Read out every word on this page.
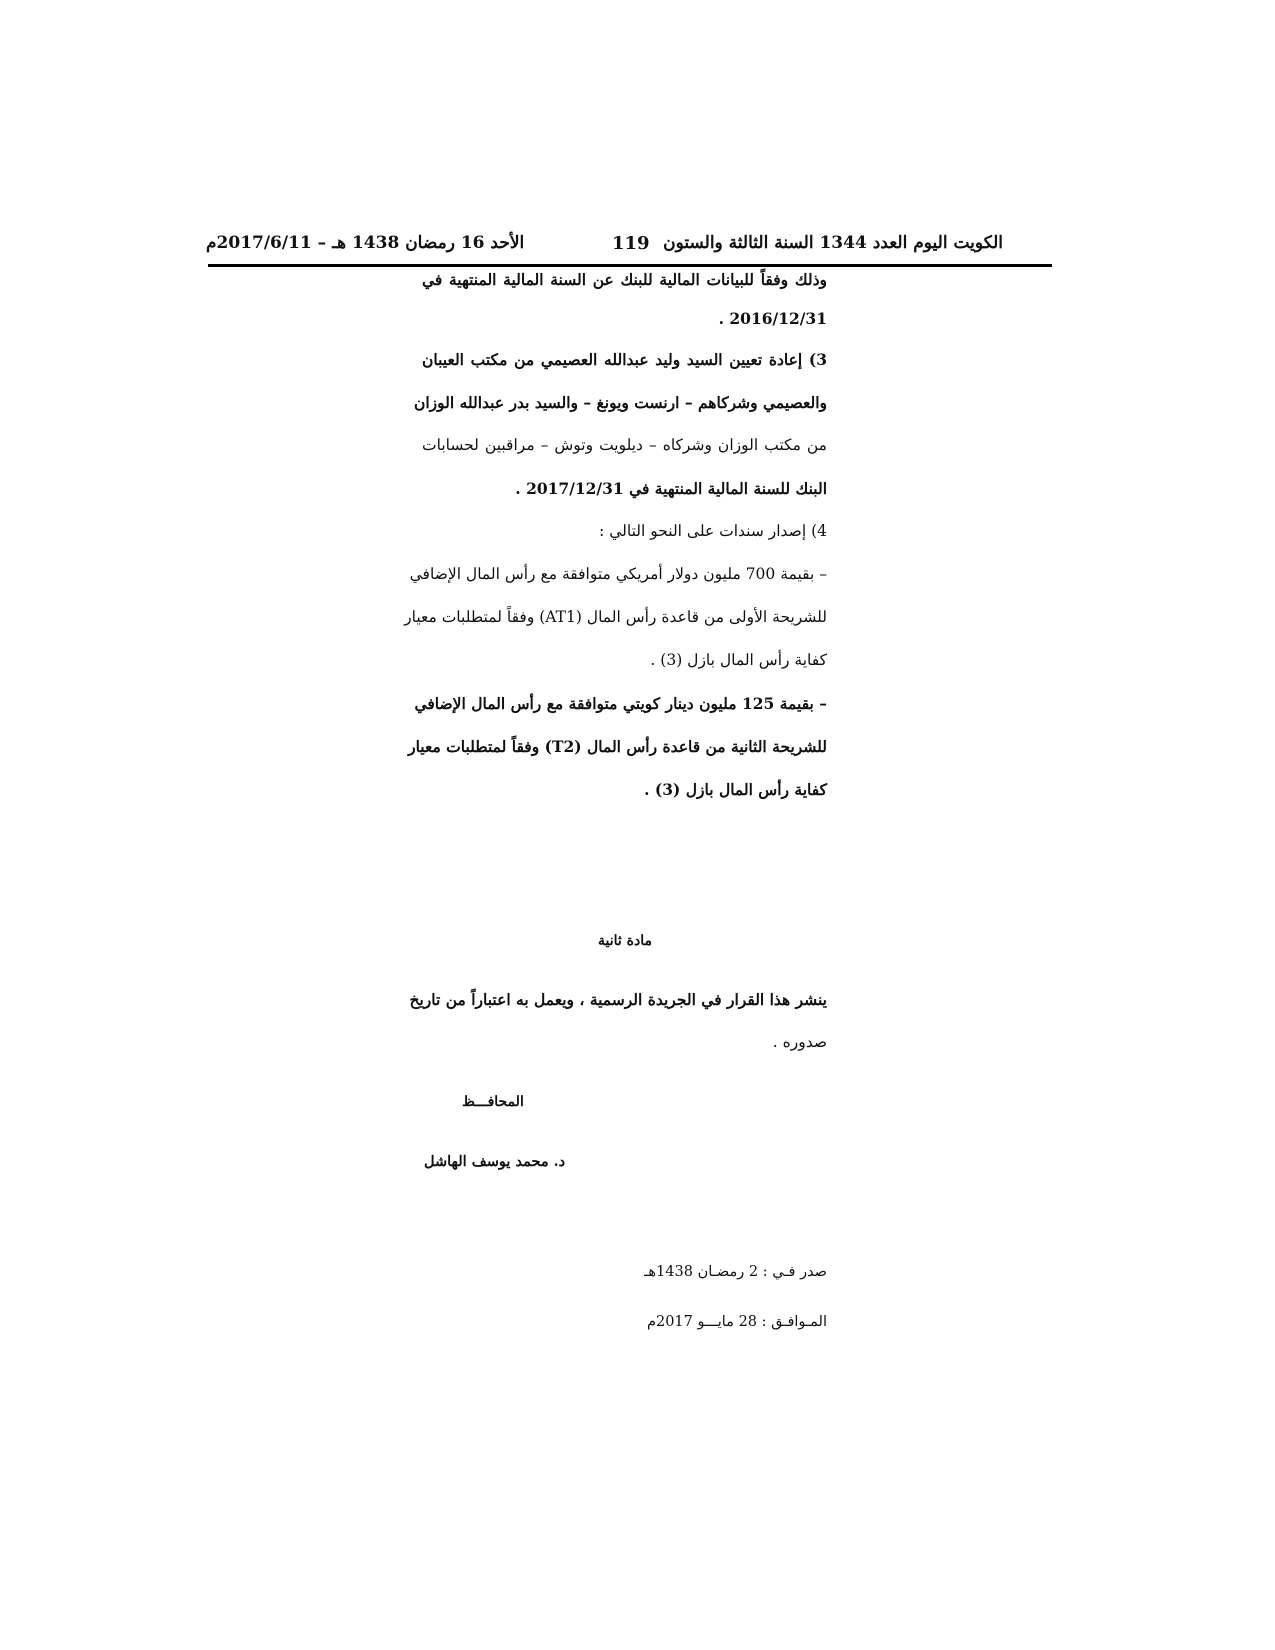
الكويت اليوم العدد 1344 السنة الثالثة والستون
119
الأحد 16 رمضان 1438 هـ – 2017/6/11م
وذلك وفقاً للبيانات المالية للبنك عن السنة المالية المنتهية في
2016/12/31 .
3) إعادة تعيين السيد وليد عبدالله العصيمي من مكتب العيبان
والعصيمي وشركاهم – ارنست ويونغ – والسيد بدر عبدالله الوزان
من مكتب الوزان وشركاه – ديلويت وتوش – مراقبين لحسابات
البنك للسنة المالية المنتهية في 2017/12/31 .
4) إصدار سندات على النحو التالي :
– بقيمة 700 مليون دولار أمريكي متوافقة مع رأس المال الإضافي
للشريحة الأولى من قاعدة رأس المال (AT1) وفقاً لمتطلبات معيار
كفاية رأس المال بازل (3) .
– بقيمة 125 مليون دينار كويتي متوافقة مع رأس المال الإضافي
للشريحة الثانية من قاعدة رأس المال (T2) وفقاً لمتطلبات معيار
كفاية رأس المال بازل (3) .
مادة ثانية
ينشر هذا القرار في الجريدة الرسمية ، ويعمل به اعتباراً من تاريخ
صدوره .
المحافـــظ
د. محمد يوسف الهاشل
صدر فـي : 2 رمضـان 1438هـ
المـوافـق : 28 مايـــو 2017م
